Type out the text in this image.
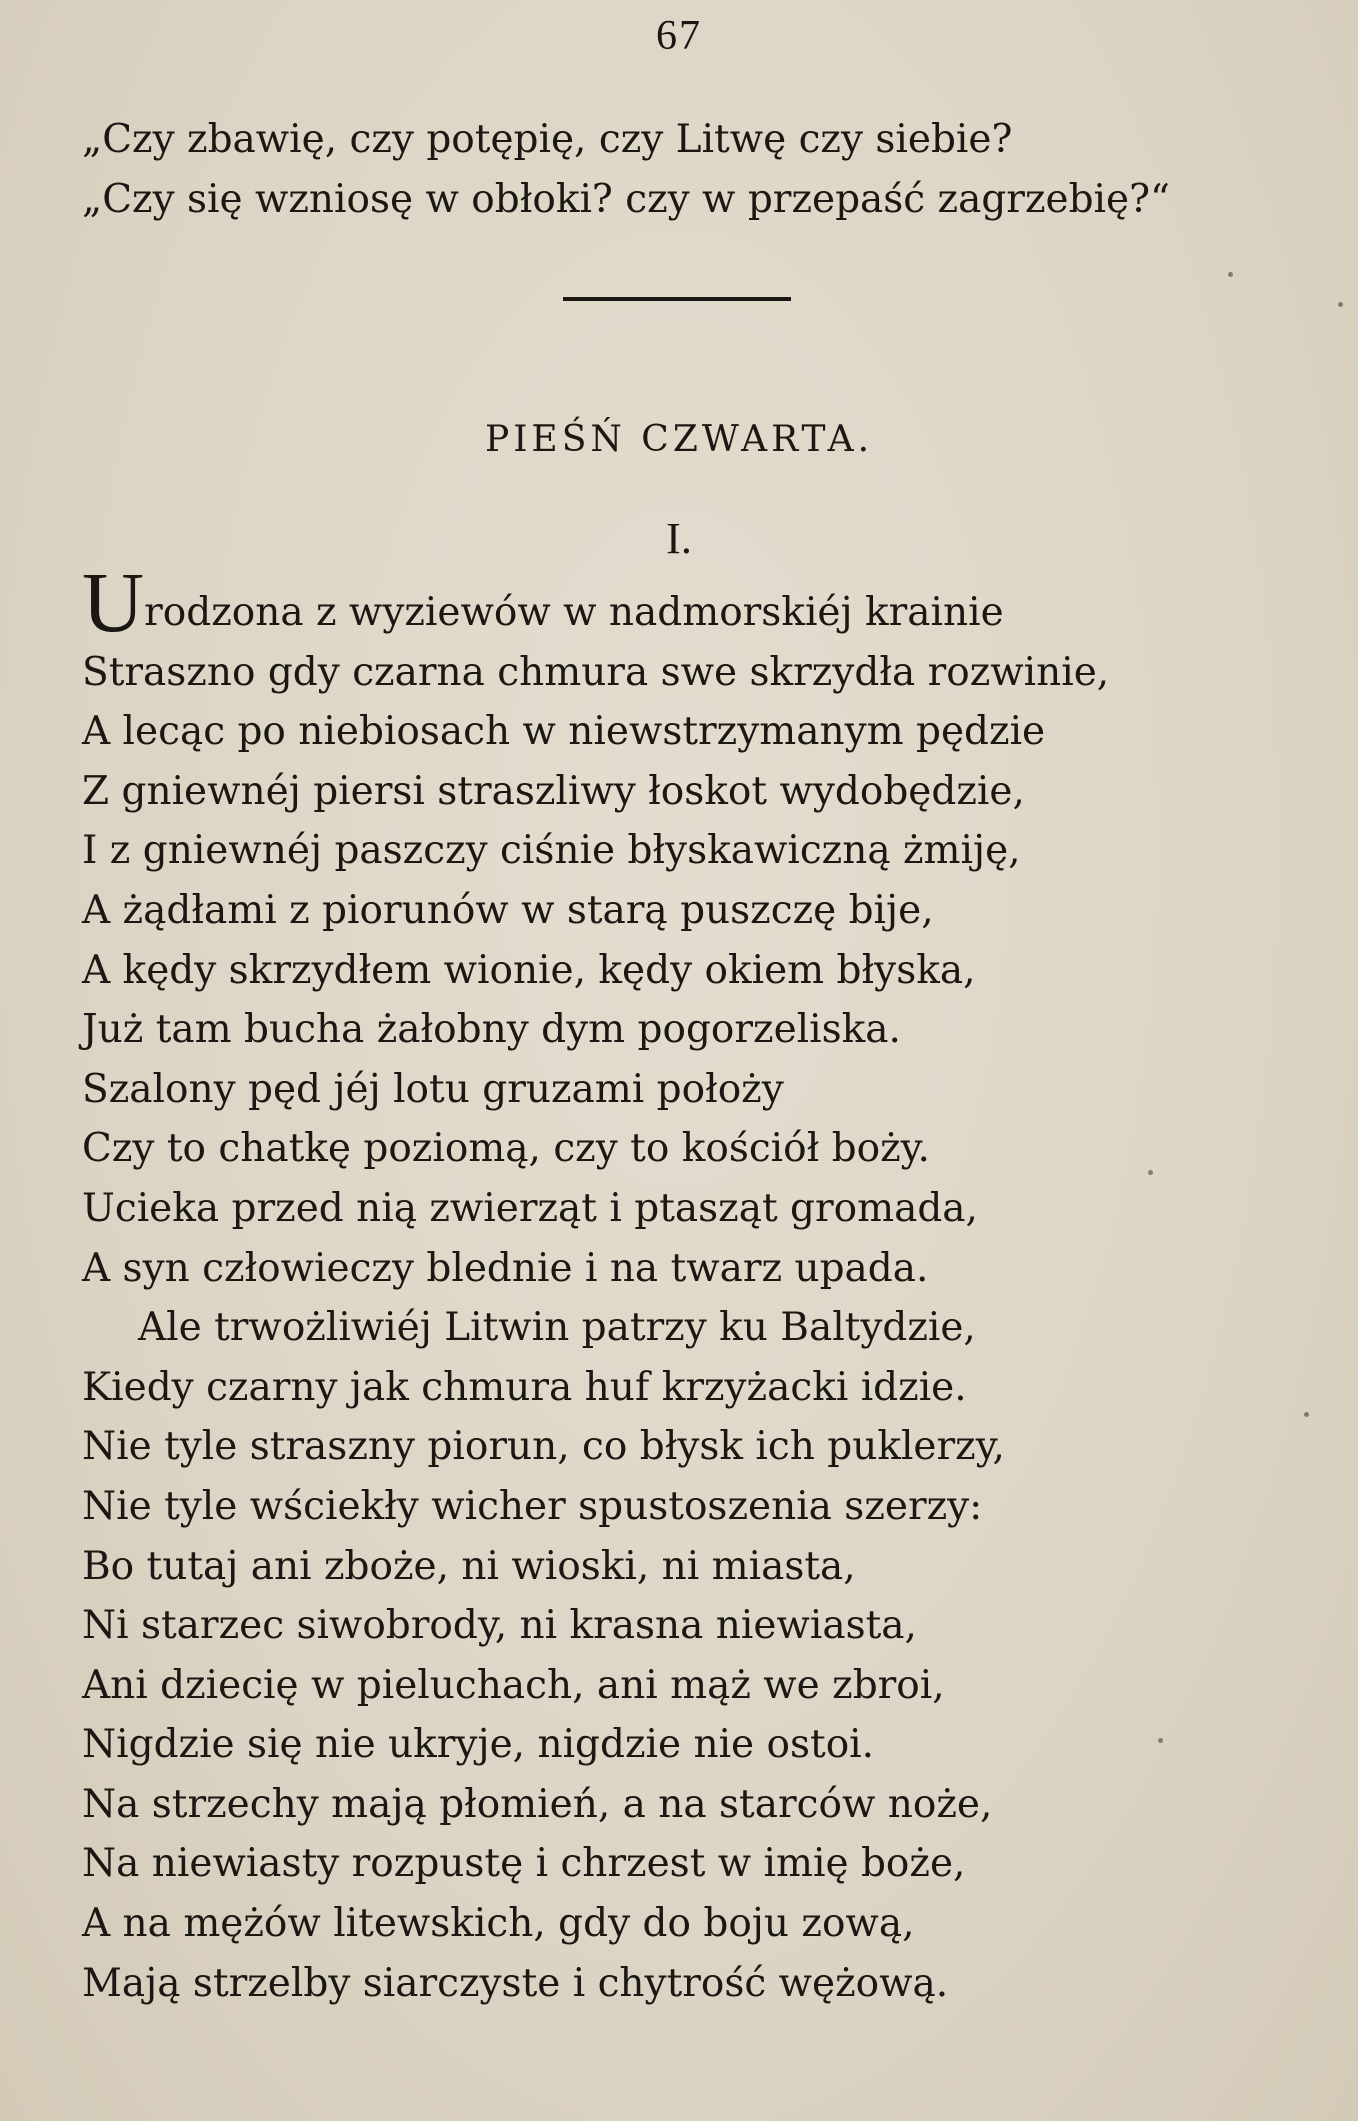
67
„Czy zbawię, czy potępię, czy Litwę czy siebie?
„Czy się wzniosę w obłoki? czy w przepaść zagrzebię?“
PIEŚŃ CZWARTA.
I.
Urodzona z wyziewów w nadmorskiéj krainie
Straszno gdy czarna chmura swe skrzydła rozwinie,
A lecąc po niebiosach w niewstrzymanym pędzie
Z gniewnéj piersi straszliwy łoskot wydobędzie,
I z gniewnéj paszczy ciśnie błyskawiczną żmiję,
A żądłami z piorunów w starą puszczę bije,
A kędy skrzydłem wionie, kędy okiem błyska,
Już tam bucha żałobny dym pogorzeliska.
Szalony pęd jéj lotu gruzami położy
Czy to chatkę poziomą, czy to kościół boży.
Ucieka przed nią zwierząt i ptasząt gromada,
A syn człowieczy blednie i na twarz upada.
Ale trwożliwiéj Litwin patrzy ku Baltydzie,
Kiedy czarny jak chmura huf krzyżacki idzie.
Nie tyle straszny piorun, co błysk ich puklerzy,
Nie tyle wściekły wicher spustoszenia szerzy:
Bo tutaj ani zboże, ni wioski, ni miasta,
Ni starzec siwobrody, ni krasna niewiasta,
Ani dziecię w pieluchach, ani mąż we zbroi,
Nigdzie się nie ukryje, nigdzie nie ostoi.
Na strzechy mają płomień, a na starców noże,
Na niewiasty rozpustę i chrzest w imię boże,
A na mężów litewskich, gdy do boju zową,
Mają strzelby siarczyste i chytrość wężową.
